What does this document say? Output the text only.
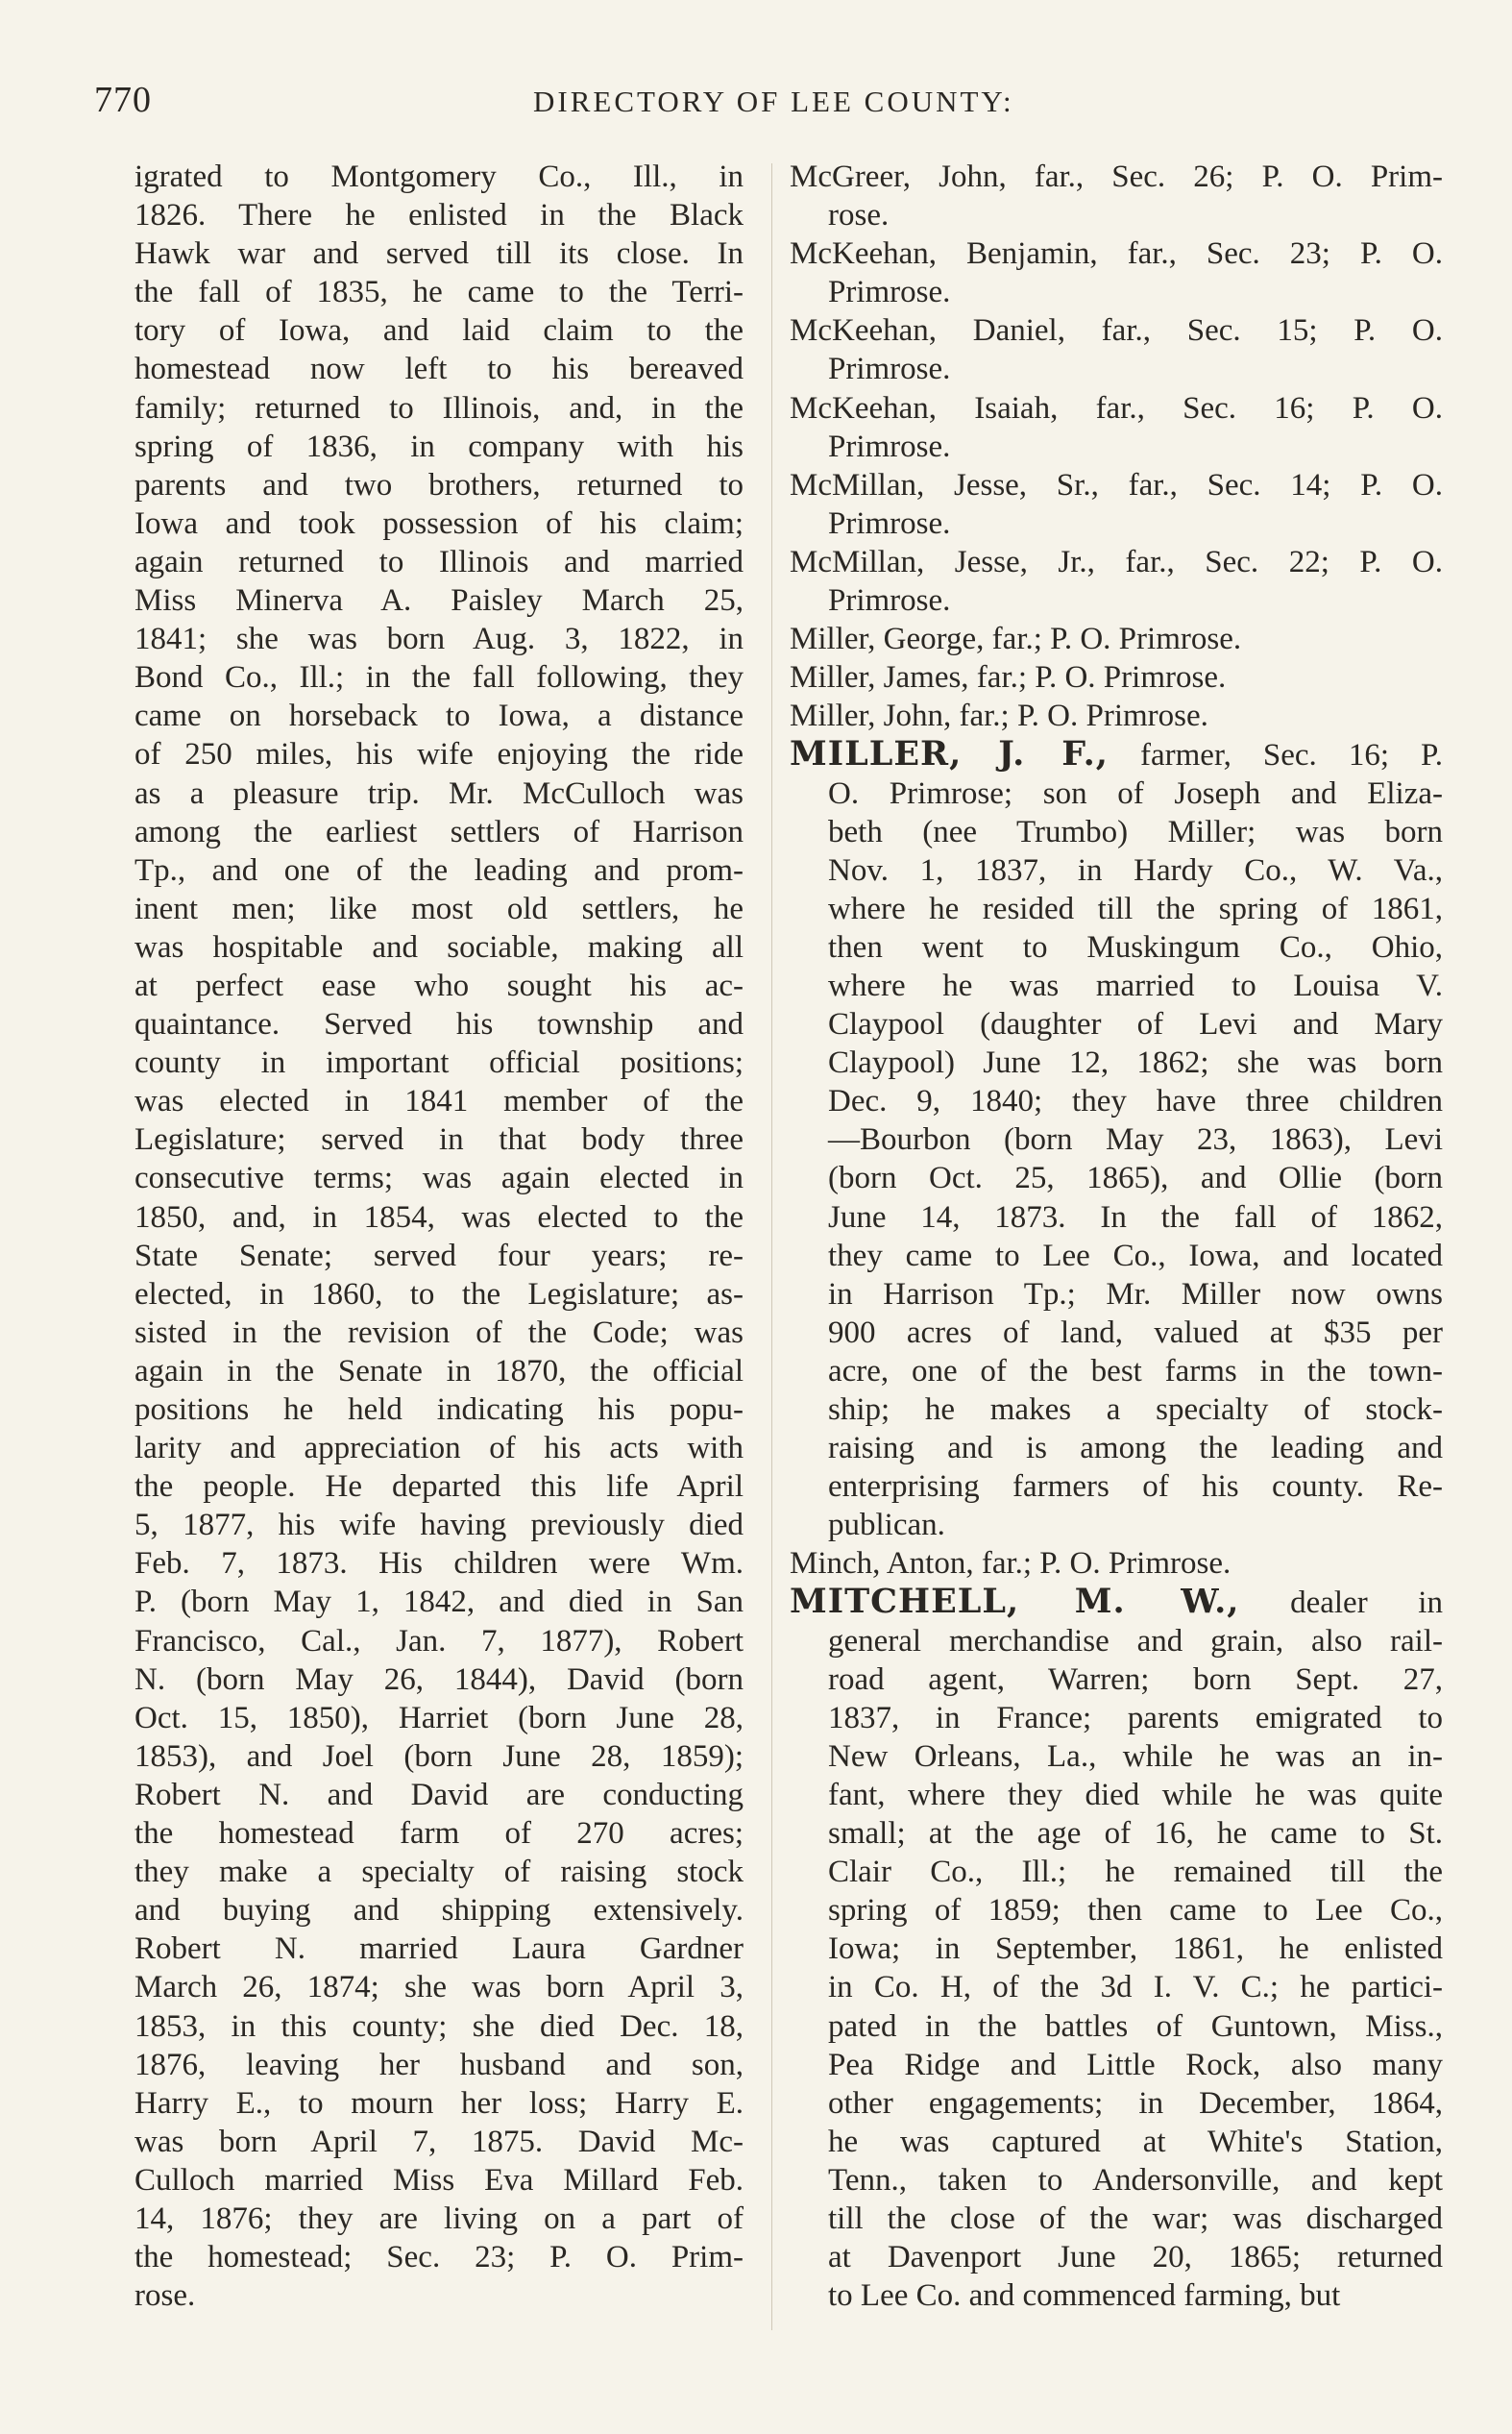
770	DIRECTORY OF LEE COUNTY:
igrated to Montgomery Co., Ill., in
1826. There he enlisted in the Black
Hawk war and served till its close. In
the fall of 1835, he came to the Terri-
tory of Iowa, and laid claim to the
homestead now left to his bereaved
family; returned to Illinois, and, in the
spring of 1836, in company with his
parents and two brothers, returned to
Iowa and took possession of his claim;
again returned to Illinois and married
Miss Minerva A. Paisley March 25,
1841; she was born Aug. 3, 1822, in
Bond Co., Ill.; in the fall following, they
came on horseback to Iowa, a distance
of 250 miles, his wife enjoying the ride
as a pleasure trip. Mr. McCulloch was
among the earliest settlers of Harrison
Tp., and one of the leading and prom-
inent men; like most old settlers, he
was hospitable and sociable, making all
at perfect ease who sought his ac-
quaintance. Served his township and
county in important official positions;
was elected in 1841 member of the
Legislature; served in that body three
consecutive terms; was again elected in
1850, and, in 1854, was elected to the
State Senate; served four years; re-
elected, in 1860, to the Legislature; as-
sisted in the revision of the Code; was
again in the Senate in 1870, the official
positions he held indicating his popu-
larity and appreciation of his acts with
the people. He departed this life April
5, 1877, his wife having previously died
Feb. 7, 1873. His children were Wm.
P. (born May 1, 1842, and died in San
Francisco, Cal., Jan. 7, 1877), Robert
N. (born May 26, 1844), David (born
Oct. 15, 1850), Harriet (born June 28,
1853), and Joel (born June 28, 1859);
Robert N. and David are conducting
the homestead farm of 270 acres;
they make a specialty of raising stock
and buying and shipping extensively.
Robert N. married Laura Gardner
March 26, 1874; she was born April 3,
1853, in this county; she died Dec. 18,
1876, leaving her husband and son,
Harry E., to mourn her loss; Harry E.
was born April 7, 1875. David Mc-
Culloch married Miss Eva Millard Feb.
14, 1876; they are living on a part of
the homestead; Sec. 23; P. O. Prim-
rose.
McGreer, John, far., Sec. 26; P. O. Prim-
rose.
McKeehan, Benjamin, far., Sec. 23; P. O.
Primrose.
McKeehan, Daniel, far., Sec. 15; P. O.
Primrose.
McKeehan, Isaiah, far., Sec. 16; P. O.
Primrose.
McMillan, Jesse, Sr., far., Sec. 14; P. O.
Primrose.
McMillan, Jesse, Jr., far., Sec. 22; P. O.
Primrose.
Miller, George, far.; P. O. Primrose.
Miller, James, far.; P. O. Primrose.
Miller, John, far.; P. O. Primrose.
MILLER, J. F., farmer, Sec. 16; P.
O. Primrose; son of Joseph and Eliza-
beth (nee Trumbo) Miller; was born
Nov. 1, 1837, in Hardy Co., W. Va.,
where he resided till the spring of 1861,
then went to Muskingum Co., Ohio,
where he was married to Louisa V.
Claypool (daughter of Levi and Mary
Claypool) June 12, 1862; she was born
Dec. 9, 1840; they have three children
—Bourbon (born May 23, 1863), Levi
(born Oct. 25, 1865), and Ollie (born
June 14, 1873. In the fall of 1862,
they came to Lee Co., Iowa, and located
in Harrison Tp.; Mr. Miller now owns
900 acres of land, valued at $35 per
acre, one of the best farms in the town-
ship; he makes a specialty of stock-
raising and is among the leading and
enterprising farmers of his county. Re-
publican.
Minch, Anton, far.; P. O. Primrose.
MITCHELL, M. W., dealer in
general merchandise and grain, also rail-
road agent, Warren; born Sept. 27,
1837, in France; parents emigrated to
New Orleans, La., while he was an in-
fant, where they died while he was quite
small; at the age of 16, he came to St.
Clair Co., Ill.; he remained till the
spring of 1859; then came to Lee Co.,
Iowa; in September, 1861, he enlisted
in Co. H, of the 3d I. V. C.; he partici-
pated in the battles of Guntown, Miss.,
Pea Ridge and Little Rock, also many
other engagements; in December, 1864,
he was captured at White's Station,
Tenn., taken to Andersonville, and kept
till the close of the war; was discharged
at Davenport June 20, 1865; returned
to Lee Co. and commenced farming, but
